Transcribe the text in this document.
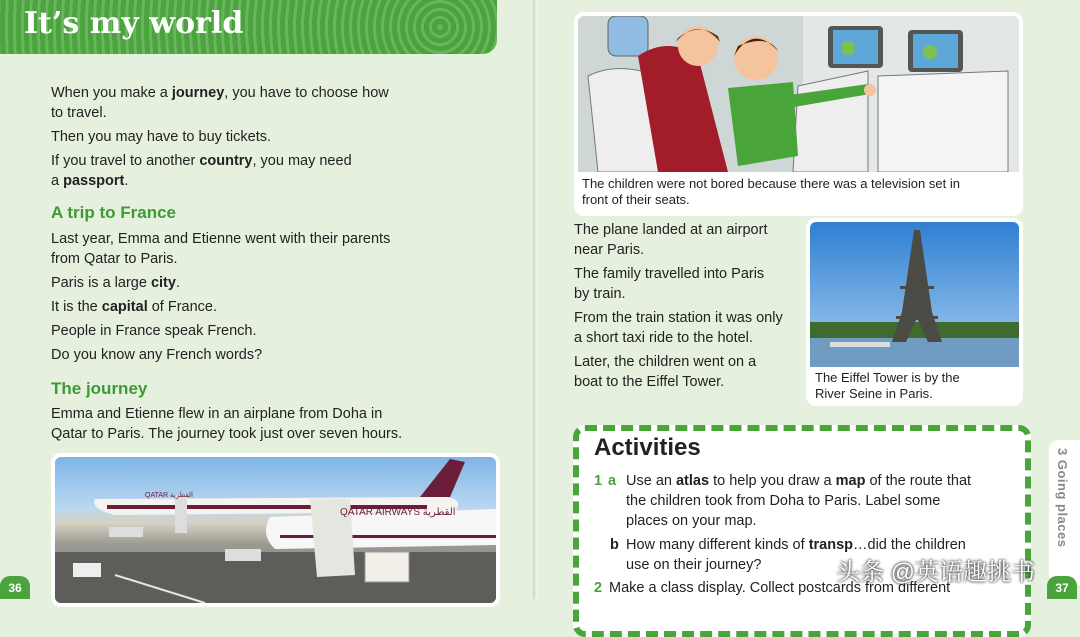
It’s my world
When you make a journey, you have to choose how
to travel.
Then you may have to buy tickets.
If you travel to another country, you may need
a passport.
A trip to France
Last year, Emma and Etienne went with their parents
from Qatar to Paris.
Paris is a large city.
It is the capital of France.
People in France speak French.
Do you know any French words?
The journey
Emma and Etienne flew in an airplane from Doha in
Qatar to Paris. The journey took just over seven hours.
QATAR AIRWAYS القطرية
QATAR القطرية
36
The children were not bored because there was a television set in
front of their seats.
The plane landed at an airport
near Paris.
The family travelled into Paris
by train.
From the train station it was only
a short taxi ride to the hotel.
Later, the children went on a
boat to the Eiffel Tower.	The Eiffel Tower is by the
River Seine in Paris.
Activities
1 a Use an atlas to help you draw a map of the route that
the children took from Doha to Paris. Label some
places on your map.
b How many different kinds of transp…did the children
use on their journey?
2 Make a class display. Collect postcards from different
3 Going places
37
头条 @英语趣挑书
